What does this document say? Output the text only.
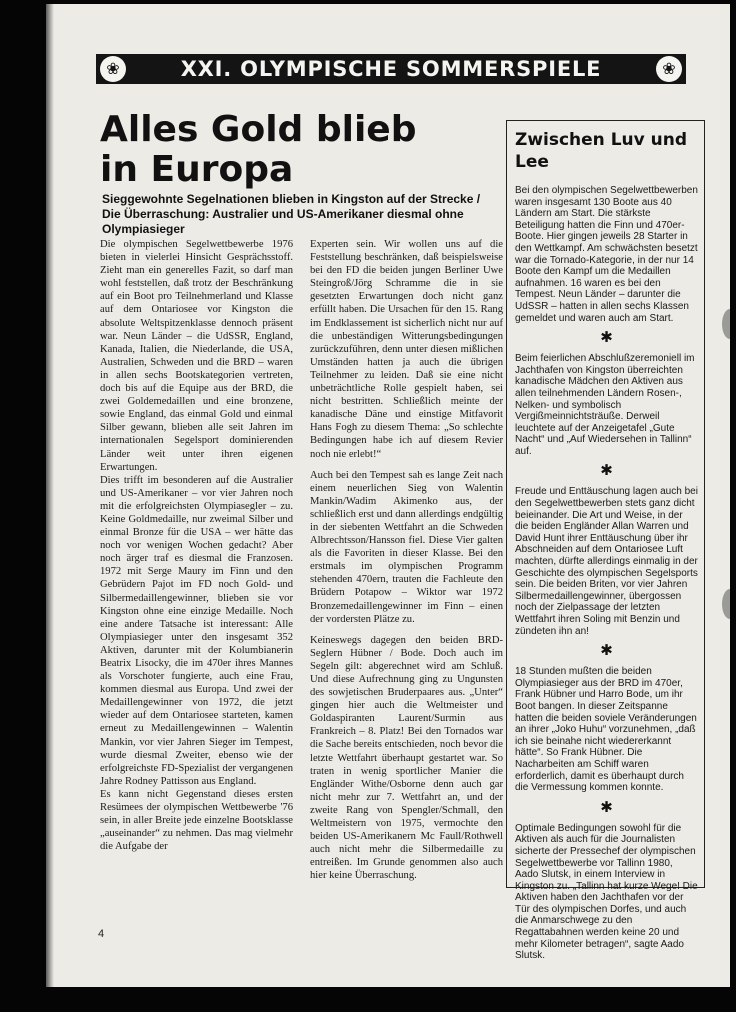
❀	XXI. OLYMPISCHE SOMMERSPIELE	❀
Alles Gold blieb in Europa

Sieggewohnte Segelnationen blieben in Kingston auf der Strecke / Die Überraschung: Australier und US-Amerikaner diesmal ohne Olympiasieger

Die olympischen Segelwettbewerbe 1976 bieten in vielerlei Hinsicht Gesprächsstoff. Zieht man ein generelles Fazit, so darf man wohl feststellen, daß trotz der Beschränkung auf ein Boot pro Teilnehmerland und Klasse auf dem Ontariosee vor Kingston die absolute Weltspitzenklasse dennoch präsent war. Neun Länder – die UdSSR, England, Kanada, Italien, die Niederlande, die USA, Australien, Schweden und die BRD – waren in allen sechs Bootskategorien vertreten, doch bis auf die Equipe aus der BRD, die zwei Goldemedaillen und eine bronzene, sowie England, das einmal Gold und einmal Silber gewann, blieben alle seit Jahren im internationalen Segelsport dominierenden Länder weit unter ihren eigenen Erwartungen.

Dies trifft im besonderen auf die Australier und US-Amerikaner – vor vier Jahren noch mit die erfolgreichsten Olympiasegler – zu. Keine Goldmedaille, nur zweimal Silber und einmal Bronze für die USA – wer hätte das noch vor wenigen Wochen gedacht? Aber noch ärger traf es diesmal die Franzosen. 1972 mit Serge Maury im Finn und den Gebrüdern Pajot im FD noch Gold- und Silbermedaillengewinner, blieben sie vor Kingston ohne eine einzige Medaille. Noch eine andere Tatsache ist interessant: Alle Olympiasieger unter den insgesamt 352 Aktiven, darunter mit der Kolumbianerin Beatrix Lisocky, die im 470er ihres Mannes als Vorschoter fungierte, auch eine Frau, kommen diesmal aus Europa. Und zwei der Medaillengewinner von 1972, die jetzt wieder auf dem Ontariosee starteten, kamen erneut zu Medaillengewinnen – Walentin Mankin, vor vier Jahren Sieger im Tempest, wurde diesmal Zweiter, ebenso wie der erfolgreichste FD-Spezialist der vergangenen Jahre Rodney Pattisson aus England.

Es kann nicht Gegenstand dieses ersten Resümees der olympischen Wettbewerbe '76 sein, in aller Breite jede einzelne Bootsklasse „auseinander“ zu nehmen. Das mag vielmehr die Aufgabe der

Experten sein. Wir wollen uns auf die Feststellung beschränken, daß beispielsweise bei den FD die beiden jungen Berliner Uwe Steingroß/Jörg Schramme die in sie gesetzten Erwartungen doch nicht ganz erfüllt haben. Die Ursachen für den 15. Rang im Endklassement ist sicherlich nicht nur auf die unbeständigen Witterungsbedingungen zurückzuführen, denn unter diesen mißlichen Umständen hatten ja auch die übrigen Teilnehmer zu leiden. Daß sie eine nicht unbeträchtliche Rolle gespielt haben, sei nicht bestritten. Schließlich meinte der kanadische Däne und einstige Mitfavorit Hans Fogh zu diesem Thema: „So schlechte Bedingungen habe ich auf diesem Revier noch nie erlebt!“

Auch bei den Tempest sah es lange Zeit nach einem neuerlichen Sieg von Walentin Mankin/Wadim Akimenko aus, der schließlich erst und dann allerdings endgültig in der siebenten Wettfahrt an die Schweden Albrechtsson/Hansson fiel. Diese Vier galten als die Favoriten in dieser Klasse. Bei den erstmals im olympischen Programm stehenden 470ern, trauten die Fachleute den Brüdern Potapow – Wiktor war 1972 Bronzemedaillengewinner im Finn – einen der vordersten Plätze zu.

Keineswegs dagegen den beiden BRD-Seglern Hübner / Bode. Doch auch im Segeln gilt: abgerechnet wird am Schluß. Und diese Aufrechnung ging zu Ungunsten des sowjetischen Bruderpaares aus. „Unter“ gingen hier auch die Weltmeister und Goldaspiranten Laurent/Surmin aus Frankreich – 8. Platz! Bei den Tornados war die Sache bereits entschieden, noch bevor die letzte Wettfahrt überhaupt gestartet war. So traten in wenig sportlicher Manier die Engländer Withe/Osborne denn auch gar nicht mehr zur 7. Wettfahrt an, und der zweite Rang von Spengler/Schmall, den Weltmeistern von 1975, vermochte den beiden US-Amerikanern Mc Faull/Rothwell auch nicht mehr die Silbermedaille zu entreißen. Im Grunde genommen also auch hier keine Überraschung.

Zwischen Luv und Lee

Bei den olympischen Segelwettbewerben waren insgesamt 130 Boote aus 40 Ländern am Start. Die stärkste Beteiligung hatten die Finn und 470er-Boote. Hier gingen jeweils 28 Starter in den Wettkampf. Am schwächsten besetzt war die Tornado-Kategorie, in der nur 14 Boote den Kampf um die Medaillen aufnahmen. 16 waren es bei den Tempest. Neun Länder – darunter die UdSSR – hatten in allen sechs Klassen gemeldet und waren auch am Start.

✱

Beim feierlichen Abschlußzeremoniell im Jachthafen von Kingston überreichten kanadische Mädchen den Aktiven aus allen teilnehmenden Ländern Rosen-, Nelken- und symbolisch Vergißmeinnichtsträuße. Derweil leuchtete auf der Anzeigetafel „Gute Nacht“ und „Auf Wiedersehen in Tallinn“ auf.

✱

Freude und Enttäuschung lagen auch bei den Segelwettbewerben stets ganz dicht beieinander. Die Art und Weise, in der die beiden Engländer Allan Warren und David Hunt ihrer Enttäuschung über ihr Abschneiden auf dem Ontariosee Luft machten, dürfte allerdings einmalig in der Geschichte des olympischen Segelsports sein. Die beiden Briten, vor vier Jahren Silbermedaillengewinner, übergossen noch der Zielpassage der letzten Wettfahrt ihren Soling mit Benzin und zündeten ihn an!

✱

18 Stunden mußten die beiden Olympiasieger aus der BRD im 470er, Frank Hübner und Harro Bode, um ihr Boot bangen. In dieser Zeitspanne hatten die beiden soviele Veränderungen an ihrer „Joko Huhu“ vorzunehmen, „daß ich sie beinahe nicht wiedererkannt hätte“. So Frank Hübner. Die Nacharbeiten am Schiff waren erforderlich, damit es überhaupt durch die Vermessung kommen konnte.

✱

Optimale Bedingungen sowohl für die Aktiven als auch für die Journalisten sicherte der Pressechef der olympischen Segelwettbewerbe vor Tallinn 1980, Aado Slutsk, in einem Interview in Kingston zu. „Tallinn hat kurze Wege! Die Aktiven haben den Jachthafen vor der Tür des olympischen Dorfes, und auch die Anmarschwege zu den Regattabahnen werden keine 20 und mehr Kilometer betragen“, sagte Aado Slutsk.

4
